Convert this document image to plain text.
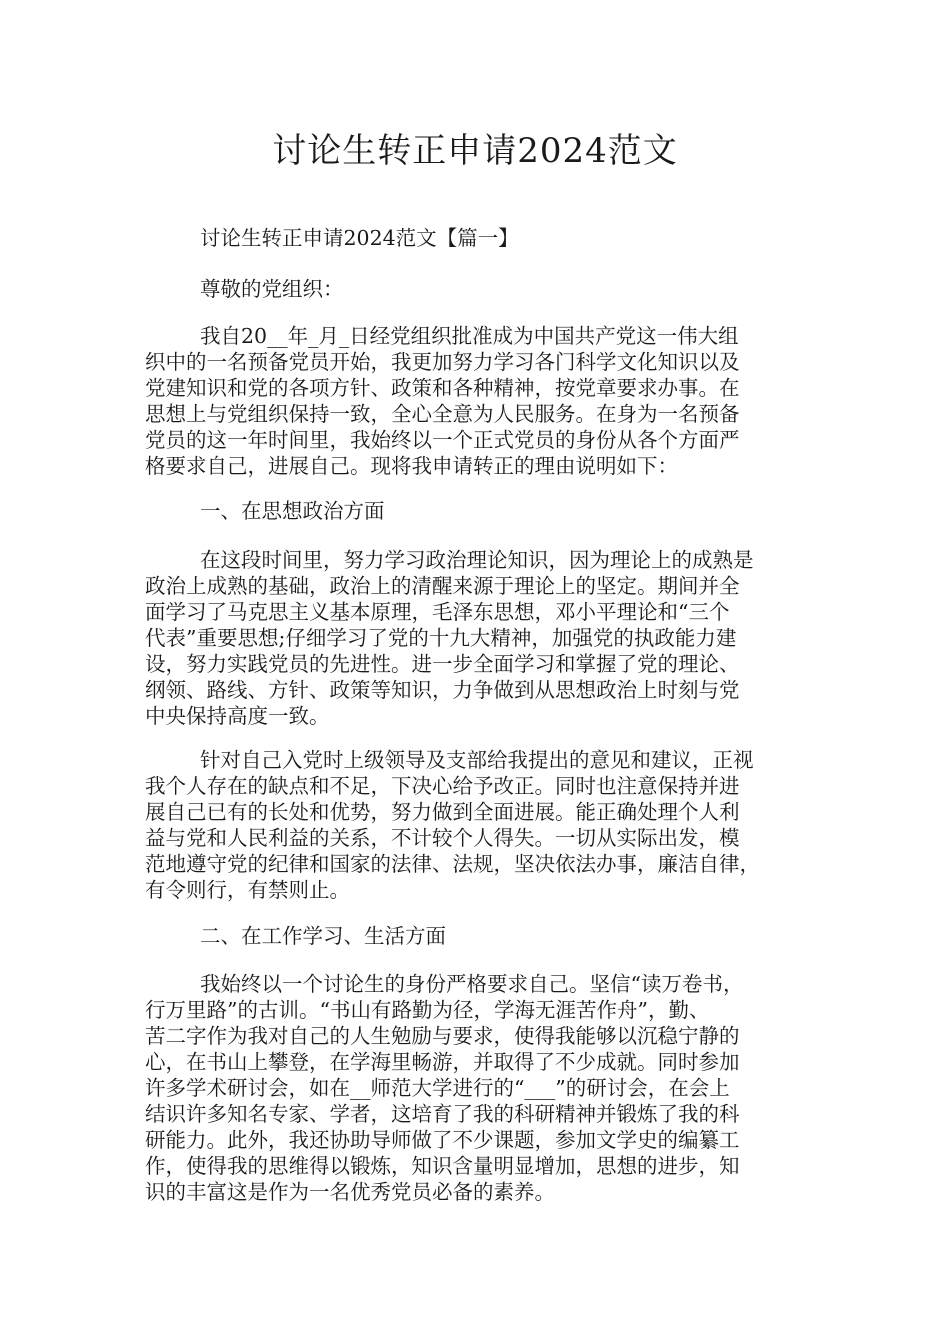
讨论生转正申请2024范文
讨论生转正申请2024范文【篇一】
尊敬的党组织：
我自20__年_月_日经党组织批准成为中国共产党这一伟大组
织中的一名预备党员开始，我更加努力学习各门科学文化知识以及
党建知识和党的各项方针、政策和各种精神，按党章要求办事。在
思想上与党组织保持一致，全心全意为人民服务。在身为一名预备
党员的这一年时间里，我始终以一个正式党员的身份从各个方面严
格要求自己，进展自己。现将我申请转正的理由说明如下：
一、在思想政治方面
在这段时间里，努力学习政治理论知识，因为理论上的成熟是
政治上成熟的基础，政治上的清醒来源于理论上的坚定。期间并全
面学习了马克思主义基本原理，毛泽东思想，邓小平理论和“三个
代表”重要思想;仔细学习了党的十九大精神，加强党的执政能力建
设，努力实践党员的先进性。进一步全面学习和掌握了党的理论、
纲领、路线、方针、政策等知识，力争做到从思想政治上时刻与党
中央保持高度一致。
针对自己入党时上级领导及支部给我提出的意见和建议，正视
我个人存在的缺点和不足，下决心给予改正。同时也注意保持并进
展自己已有的长处和优势，努力做到全面进展。能正确处理个人利
益与党和人民利益的关系，不计较个人得失。一切从实际出发，模
范地遵守党的纪律和国家的法律、法规，坚决依法办事，廉洁自律，
有令则行，有禁则止。
二、在工作学习、生活方面
我始终以一个讨论生的身份严格要求自己。坚信“读万卷书，
行万里路”的古训。“书山有路勤为径，学海无涯苦作舟”，勤、
苦二字作为我对自己的人生勉励与要求，使得我能够以沉稳宁静的
心，在书山上攀登，在学海里畅游，并取得了不少成就。同时参加
许多学术研讨会，如在__师范大学进行的“___”的研讨会，在会上
结识许多知名专家、学者，这培育了我的科研精神并锻炼了我的科
研能力。此外，我还协助导师做了不少课题，参加文学史的编纂工
作，使得我的思维得以锻炼，知识含量明显增加，思想的进步，知
识的丰富这是作为一名优秀党员必备的素养。
